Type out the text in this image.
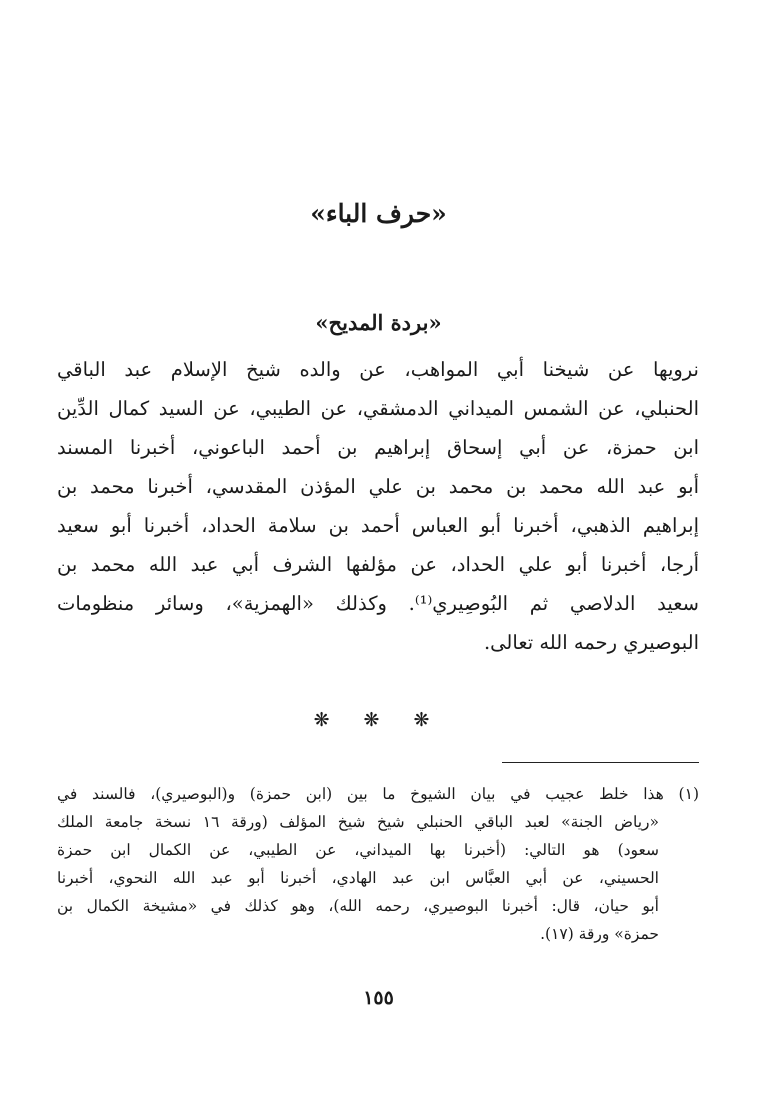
«حرف الباء»
«بردة المديح»
نرويها عن شيخنا أبي المواهب، عن والده شيخ الإسلام عبد الباقي
الحنبلي، عن الشمس الميداني الدمشقي، عن الطيبي، عن السيد كمال الدِّين
ابن حمزة، عن أبي إسحاق إبراهيم بن أحمد الباعوني، أخبرنا المسند
أبو عبد الله محمد بن محمد بن علي المؤذن المقدسي، أخبرنا محمد بن
إبراهيم الذهبي، أخبرنا أبو العباس أحمد بن سلامة الحداد، أخبرنا أبو سعيد
أرجا، أخبرنا أبو علي الحداد، عن مؤلفها الشرف أبي عبد الله محمد بن
سعيد الدلاصي ثم البُوصِيري⁽¹⁾. وكذلك «الهمزية»، وسائر منظومات
البوصيري رحمه الله تعالى.
❋ ❋ ❋
(١) هذا خلط عجيب في بيان الشيوخ ما بين (ابن حمزة) و(البوصيري)، فالسند في
«رياض الجنة» لعبد الباقي الحنبلي شيخ شيخ المؤلف (ورقة ١٦ نسخة جامعة الملك
سعود) هو التالي: (أخبرنا بها الميداني، عن الطيبي، عن الكمال ابن حمزة
الحسيني، عن أبي العبَّاس ابن عبد الهادي، أخبرنا أبو عبد الله النحوي، أخبرنا
أبو حيان، قال: أخبرنا البوصيري، رحمه الله)، وهو كذلك في «مشيخة الكمال بن
حمزة» ورقة (١٧).
١٥٥
